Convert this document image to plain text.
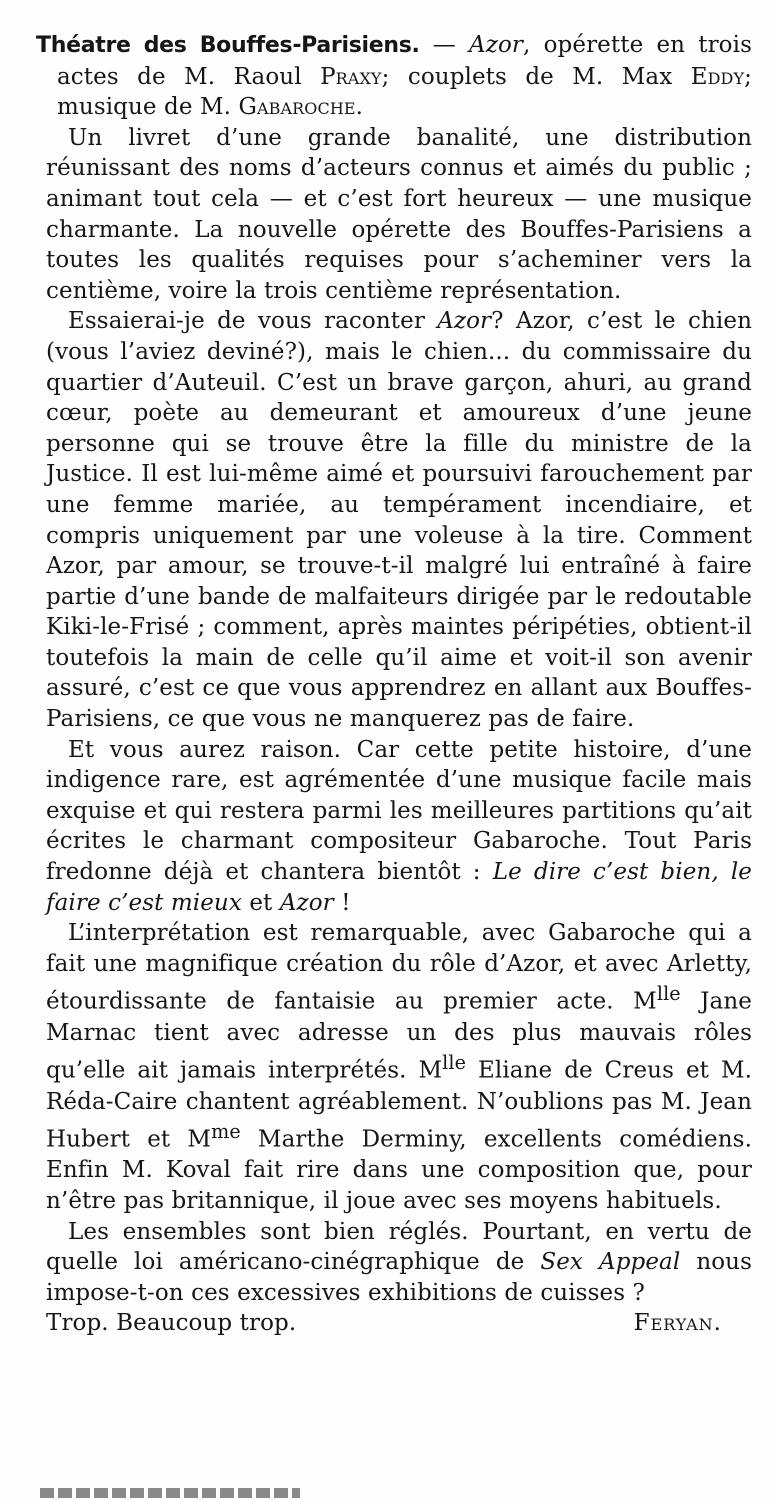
Théatre des Bouffes-Parisiens. — Azor, opérette en trois actes de M. Raoul Praxy; couplets de M. Max Eddy; musique de M. Gabaroche.

Un livret d’une grande banalité, une distribution réunissant des noms d’acteurs connus et aimés du public ; animant tout cela — et c’est fort heureux — une musique charmante. La nouvelle opérette des Bouffes-Parisiens a toutes les qualités requises pour s’acheminer vers la centième, voire la trois centième représentation.

Essaierai-je de vous raconter Azor? Azor, c’est le chien (vous l’aviez deviné?), mais le chien... du commissaire du quartier d’Auteuil. C’est un brave garçon, ahuri, au grand cœur, poète au demeurant et amoureux d’une jeune personne qui se trouve être la fille du ministre de la Justice. Il est lui-même aimé et poursuivi farouchement par une femme mariée, au tempérament incendiaire, et compris uniquement par une voleuse à la tire. Comment Azor, par amour, se trouve-t-il malgré lui entraîné à faire partie d’une bande de malfaiteurs dirigée par le redoutable Kiki-le-Frisé ; comment, après maintes péripéties, obtient-il toutefois la main de celle qu’il aime et voit-il son avenir assuré, c’est ce que vous apprendrez en allant aux Bouffes-Parisiens, ce que vous ne manquerez pas de faire.

Et vous aurez raison. Car cette petite histoire, d’une indigence rare, est agrémentée d’une musique facile mais exquise et qui restera parmi les meilleures partitions qu’ait écrites le charmant compositeur Gabaroche. Tout Paris fredonne déjà et chantera bientôt : Le dire c’est bien, le faire c’est mieux et Azor !

L’interprétation est remarquable, avec Gabaroche qui a fait une magnifique création du rôle d’Azor, et avec Arletty, étourdissante de fantaisie au premier acte. $M^{lle}$ Jane Marnac tient avec adresse un des plus mauvais rôles qu’elle ait jamais interprétés. $M^{lle}$ Eliane de Creus et M. Réda-Caire chantent agréablement. N’oublions pas M. Jean Hubert et $M^{me}$ Marthe Derminy, excellents comédiens. Enfin M. Koval fait rire dans une composition que, pour n’être pas britannique, il joue avec ses moyens habituels.

Les ensembles sont bien réglés. Pourtant, en vertu de quelle loi américano-cinégraphique de Sex Appeal nous impose-t-on ces excessives exhibitions de cuisses ?

Trop. Beaucoup trop.	Feryan.
